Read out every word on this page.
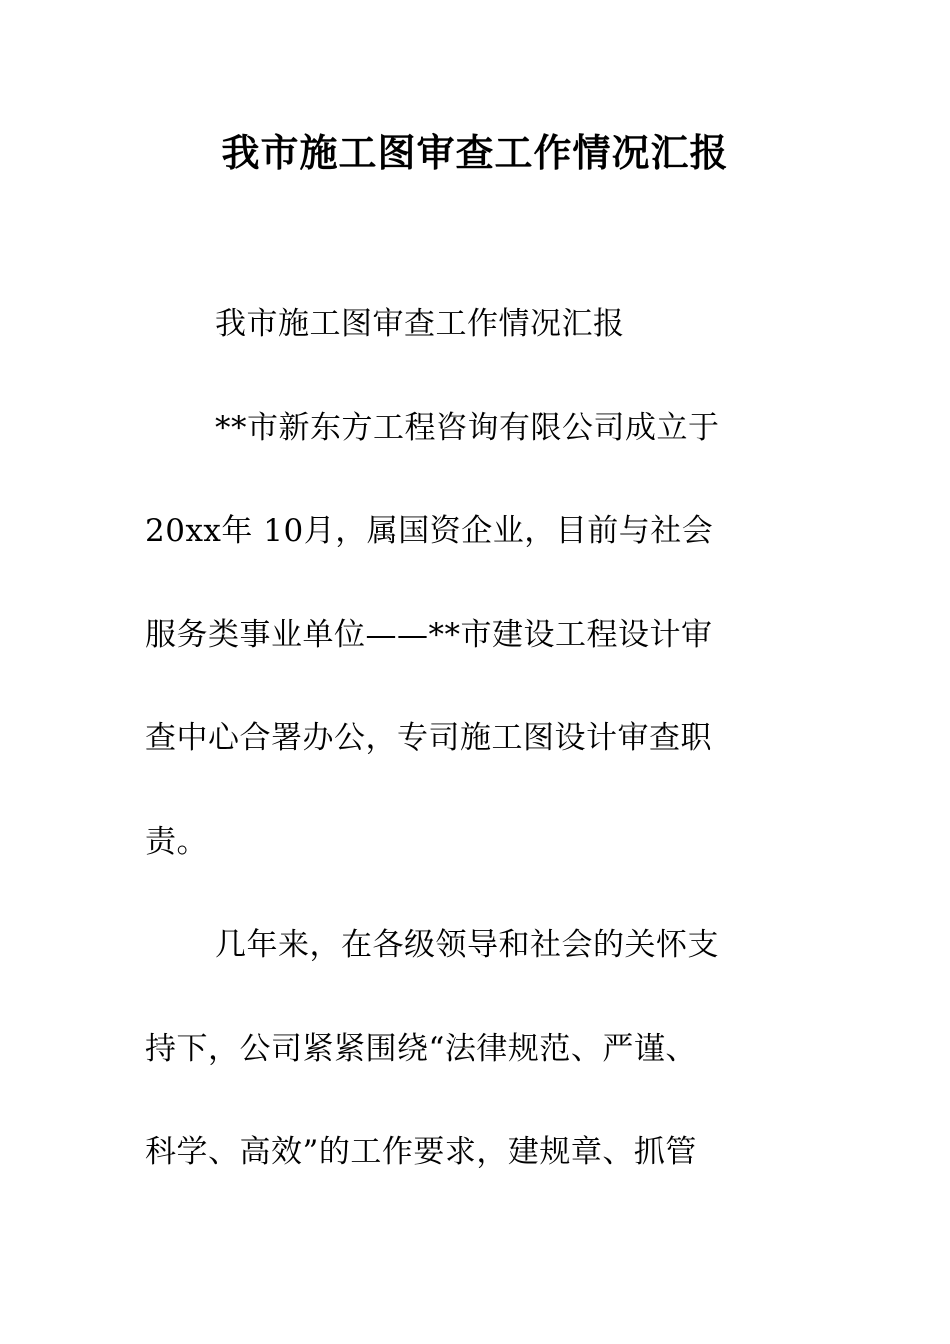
我市施工图审查工作情况汇报
我市施工图审查工作情况汇报
**市新东方工程咨询有限公司成立于
20xx年 10月，属国资企业，目前与社会
服务类事业单位——**市建设工程设计审
查中心合署办公，专司施工图设计审查职
责。
几年来，在各级领导和社会的关怀支
持下，公司紧紧围绕“法律规范、严谨、
科学、高效”的工作要求，建规章、抓管
